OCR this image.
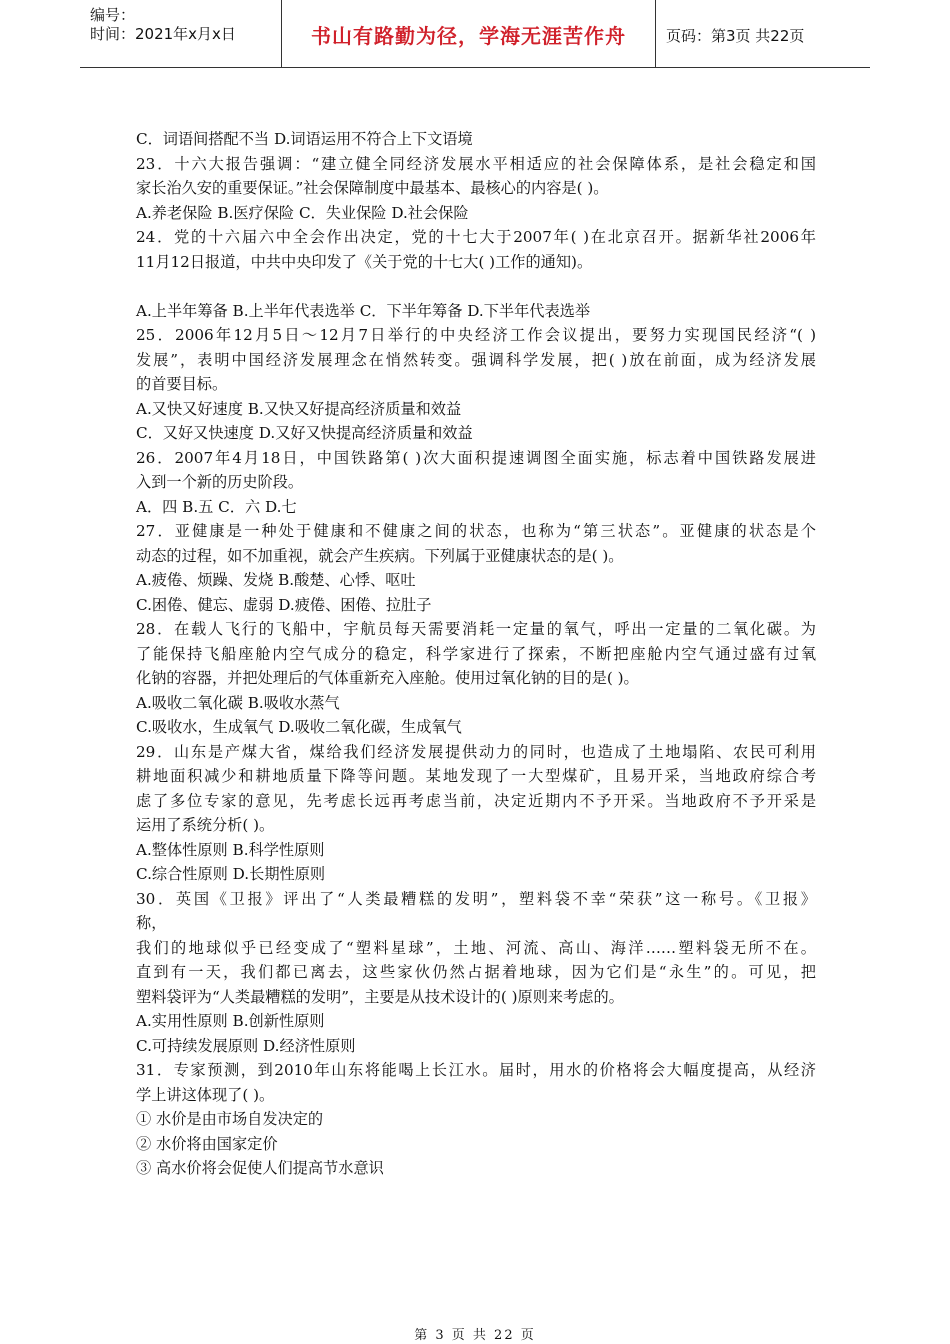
编号：
时间：2021年x月x日	书山有路勤为径，学海无涯苦作舟	页码：第3页 共22页
C．词语间搭配不当 D.词语运用不符合上下文语境
23．十六大报告强调：“建立健全同经济发展水平相适应的社会保障体系，是社会稳定和国
家长治久安的重要保证。”社会保障制度中最基本、最核心的内容是( )。
A.养老保险 B.医疗保险 C．失业保险 D.社会保险
24．党的十六届六中全会作出决定，党的十七大于2007年( )在北京召开。据新华社2006年
11月12日报道，中共中央印发了《关于党的十七大( )工作的通知)。
A.上半年筹备 B.上半年代表选举 C．下半年筹备 D.下半年代表选举
25．2006年12月5日～12月7日举行的中央经济工作会议提出，要努力实现国民经济“( )
发展”，表明中国经济发展理念在悄然转变。强调科学发展，把( )放在前面，成为经济发展
的首要目标。
A.又快又好速度 B.又快又好提高经济质量和效益
C．又好又快速度 D.又好又快提高经济质量和效益
26．2007年4月18日，中国铁路第( )次大面积提速调图全面实施，标志着中国铁路发展进
入到一个新的历史阶段。
A．四 B.五 C．六 D.七
27．亚健康是一种处于健康和不健康之间的状态，也称为“第三状态”。亚健康的状态是个
动态的过程，如不加重视，就会产生疾病。下列属于亚健康状态的是( )。
A.疲倦、烦躁、发烧 B.酸楚、心悸、呕吐
C.困倦、健忘、虚弱 D.疲倦、困倦、拉肚子
28．在载人飞行的飞船中，宇航员每天需要消耗一定量的氧气，呼出一定量的二氧化碳。为
了能保持飞船座舱内空气成分的稳定，科学家进行了探索，不断把座舱内空气通过盛有过氧
化钠的容器，并把处理后的气体重新充入座舱。使用过氧化钠的目的是( )。
A.吸收二氧化碳 B.吸收水蒸气
C.吸收水，生成氧气 D.吸收二氧化碳，生成氧气
29．山东是产煤大省，煤给我们经济发展提供动力的同时，也造成了土地塌陷、农民可利用
耕地面积减少和耕地质量下降等问题。某地发现了一大型煤矿，且易开采，当地政府综合考
虑了多位专家的意见，先考虑长远再考虑当前，决定近期内不予开采。当地政府不予开采是
运用了系统分析( )。
A.整体性原则 B.科学性原则
C.综合性原则 D.长期性原则
30．英国《卫报》评出了“人类最糟糕的发明”，塑料袋不幸“荣获”这一称号。《卫报》
称，
我们的地球似乎已经变成了“塑料星球”，土地、河流、高山、海洋……塑料袋无所不在。
直到有一天，我们都已离去，这些家伙仍然占据着地球，因为它们是“永生”的。可见，把
塑料袋评为“人类最糟糕的发明”，主要是从技术设计的( )原则来考虑的。
A.实用性原则 B.创新性原则
C.可持续发展原则 D.经济性原则
31．专家预测，到2010年山东将能喝上长江水。届时，用水的价格将会大幅度提高，从经济
学上讲这体现了( )。
① 水价是由市场自发决定的
② 水价将由国家定价
③ 高水价将会促使人们提高节水意识
第 3 页 共 22 页
